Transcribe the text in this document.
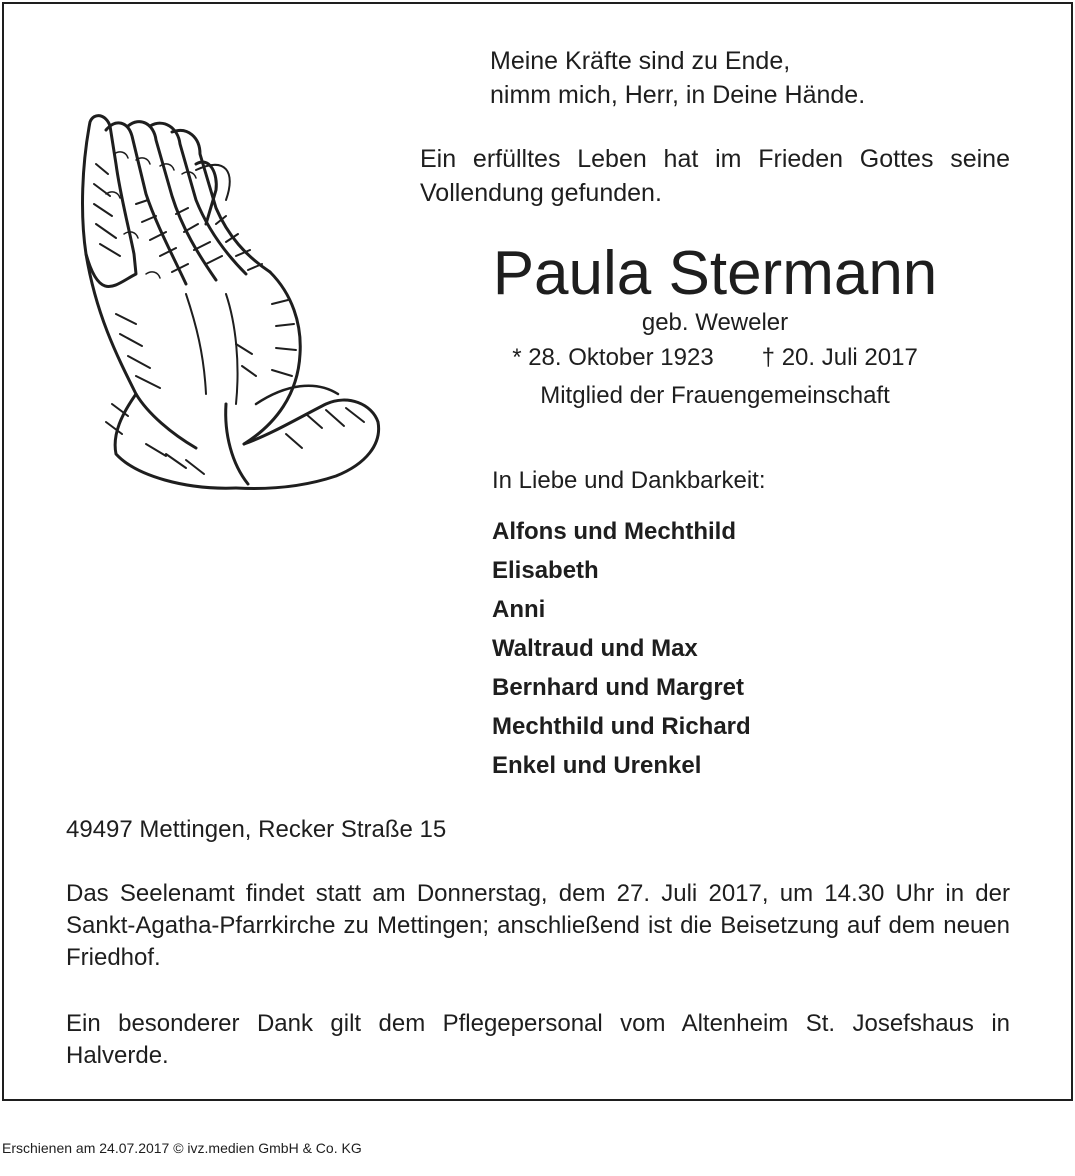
Meine Kräfte sind zu Ende,
nimm mich, Herr, in Deine Hände.

Ein erfülltes Leben hat im Frieden Gottes seine Vollendung gefunden.

Paula Stermann
geb. Weweler
* 28. Oktober 1923 † 20. Juli 2017
Mitglied der Frauengemeinschaft
In Liebe und Dankbarkeit:
Alfons und Mechthild
Elisabeth
Anni
Waltraud und Max
Bernhard und Margret
Mechthild und Richard
Enkel und Urenkel
49497 Mettingen, Recker Straße 15

Das Seelenamt findet statt am Donnerstag, dem 27. Juli 2017, um 14.30 Uhr in der Sankt-Agatha-Pfarrkirche zu Mettingen; anschließend ist die Beisetzung auf dem neuen Friedhof.

Ein besonderer Dank gilt dem Pflegepersonal vom Altenheim St. Josefshaus in Halverde.

Erschienen am 24.07.2017 © ivz.medien GmbH & Co. KG
